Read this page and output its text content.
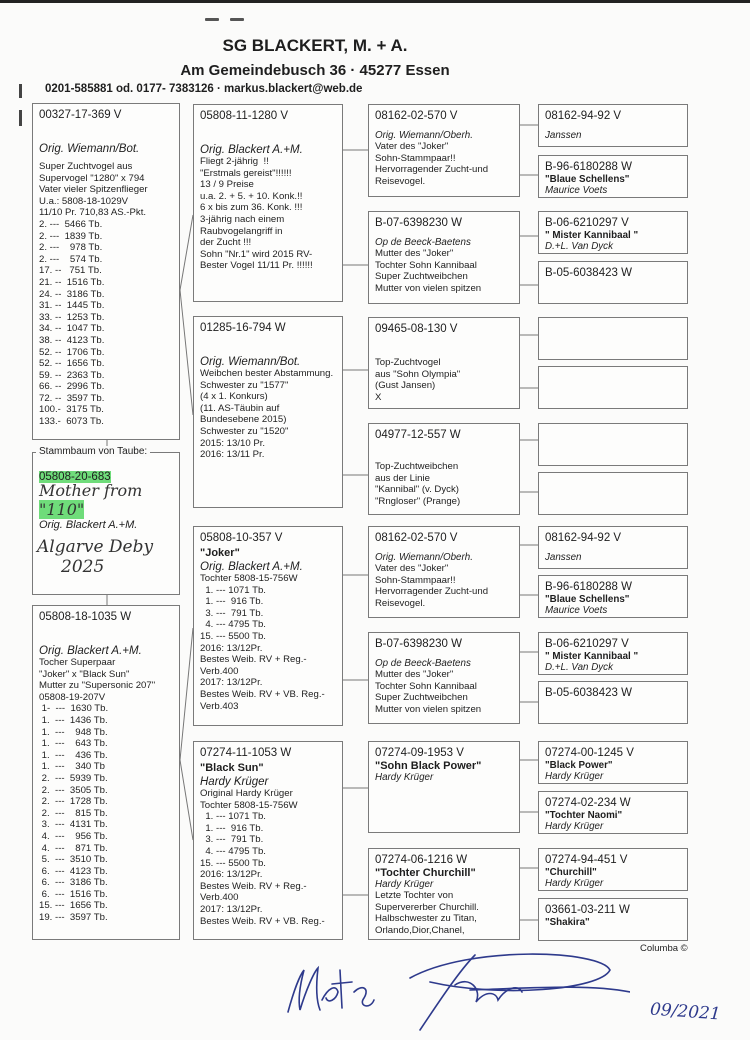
SG BLACKERT, M. + A.
Am Gemeindebusch 36 · 45277 Essen
0201-585881 od. 0177- 7383126 · markus.blackert@web.de
00327-17-369 V
Orig. Wiemann/Bot.
Super Zuchtvogel aus
Supervogel "1280" x 794
Vater vieler Spitzenflieger
U.a.: 5808-18-1029V
11/10 Pr. 710,83 AS.-Pkt.
2. ---  5466 Tb.
2. ---  1839 Tb.
2. ---    978 Tb.
2. ---    574 Tb.
17. --   751 Tb.
21. --  1516 Tb.
24. --  3186 Tb.
31. --  1445 Tb.
33. --  1253 Tb.
34. --  1047 Tb.
38. --  4123 Tb.
52. --  1706 Tb.
52. --  1656 Tb.
59. --  2363 Tb.
66. --  2996 Tb.
72. --  3597 Tb.
100.-  3175 Tb.
133.-  6073 Tb.
05808-20-683
Mother from "110"
Orig. Blackert A.+M.
Algarve Deby
2025
Stammbaum von Taube:
05808-18-1035 W
Orig. Blackert A.+M.
Tocher Superpaar
"Joker" x "Black Sun"
Mutter zu "Supersonic 207"
05808-19-207V
1-  ---  1630 Tb.
1.  ---  1436 Tb.
1.  ---    948 Tb.
1.  ---    643 Tb.
1.  ---    436 Tb.
1.  ---    340 Tb
2.  ---  5939 Tb.
2.  ---  3505 Tb.
2.  ---  1728 Tb.
2.  ---    815 Tb.
3.  ---  4131 Tb.
4.  ---    956 Tb.
4.  ---    871 Tb.
5.  ---  3510 Tb.
6.  ---  4123 Tb.
6.  ---  3186 Tb.
6.  ---  1516 Tb.
15. ---  1656 Tb.
19. ---  3597 Tb.
05808-11-1280 V
Orig. Blackert A.+M.
Fliegt 2-jährig  !!
"Erstmals gereist"!!!!!!
13 / 9 Preise
u.a. 2. + 5. + 10. Konk.!!
6 x bis zum 36. Konk. !!!
3-jährig nach einem
Raubvogelangriff in
der Zucht !!!
Sohn "Nr.1" wird 2015 RV-
Bester Vogel 11/11 Pr. !!!!!!
01285-16-794 W
Orig. Wiemann/Bot.
Weibchen bester Abstammung.
Schwester zu "1577"
(4 x 1. Konkurs)
(11. AS-Täubin auf
Bundesebene 2015)
Schwester zu "1520"
2015: 13/10 Pr.
2016: 13/11 Pr.
05808-10-357 V
"Joker"
Orig. Blackert A.+M.
Tochter 5808-15-756W
1. --- 1071 Tb.
1. ---  916 Tb.
3. ---  791 Tb.
4. --- 4795 Tb.
15. --- 5500 Tb.
2016: 13/12Pr.
Bestes Weib. RV + Reg.-
Verb.400
2017: 13/12Pr.
Bestes Weib. RV + VB. Reg.-
Verb.403
07274-11-1053 W
"Black Sun"
Hardy Krüger
Original Hardy Krüger
Tochter 5808-15-756W
1. --- 1071 Tb.
1. ---  916 Tb.
3. ---  791 Tb.
4. --- 4795 Tb.
15. --- 5500 Tb.
2016: 13/12Pr.
Bestes Weib. RV + Reg.-
Verb.400
2017: 13/12Pr.
Bestes Weib. RV + VB. Reg.-
08162-02-570 V
Orig. Wiemann/Oberh.
Vater des "Joker"
Sohn-Stammpaar!!
Hervorragender Zucht-und
Reisevogel.
B-07-6398230 W
Op de Beeck-Baetens
Mutter des "Joker"
Tochter Sohn Kannibaal
Super Zuchtweibchen
Mutter von vielen spitzen
09465-08-130 V
Top-Zuchtvogel
aus "Sohn Olympia"
(Gust Jansen)
X
04977-12-557 W
Top-Zuchtweibchen
aus der Linie
"Kannibal" (v. Dyck)
"Rngloser" (Prange)
08162-02-570 V
Orig. Wiemann/Oberh.
Vater des "Joker"
Sohn-Stammpaar!!
Hervorragender Zucht-und
Reisevogel.
B-07-6398230 W
Op de Beeck-Baetens
Mutter des "Joker"
Tochter Sohn Kannibaal
Super Zuchtweibchen
Mutter von vielen spitzen
07274-09-1953 V
"Sohn Black Power"
Hardy Krüger
07274-06-1216 W
"Tochter Churchill"
Hardy Krüger
Letzte Tochter von
Supervererber Churchill.
Halbschwester zu Titan,
Orlando,Dior,Chanel,
08162-94-92 V
Janssen
B-96-6180288 W
"Blaue Schellens"
Maurice Voets
B-06-6210297 V
" Mister Kannibaal "
D.+L. Van Dyck
B-05-6038423 W
08162-94-92 V
Janssen
B-96-6180288 W
"Blaue Schellens"
Maurice Voets
B-06-6210297 V
" Mister Kannibaal "
D.+L. Van Dyck
B-05-6038423 W
07274-00-1245 V
"Black Power"
Hardy Krüger
07274-02-234 W
"Tochter Naomi"
Hardy Krüger
07274-94-451 V
"Churchill"
Hardy Krüger
03661-03-211 W
"Shakira"
Columba ©
09/2021
